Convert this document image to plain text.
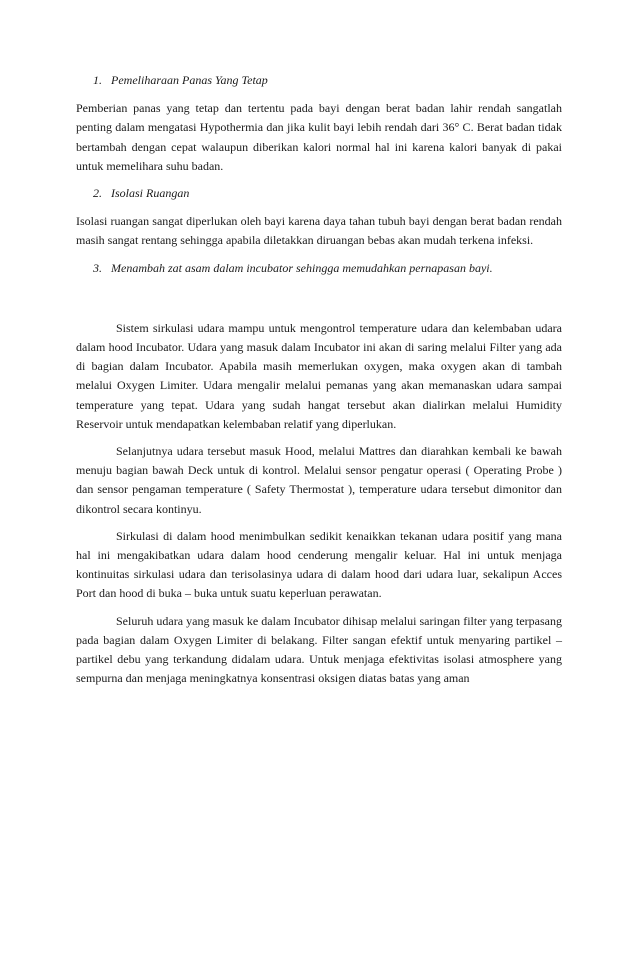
1. Pemeliharaan Panas Yang Tetap

Pemberian panas yang tetap dan tertentu pada bayi dengan berat badan lahir rendah sangatlah penting dalam mengatasi Hypothermia dan jika kulit bayi lebih rendah dari 36° C. Berat badan tidak bertambah dengan cepat walaupun diberikan kalori normal hal ini karena kalori banyak di pakai untuk memelihara suhu badan.

2. Isolasi Ruangan

Isolasi ruangan sangat diperlukan oleh bayi karena daya tahan tubuh bayi dengan berat badan rendah masih sangat rentang sehingga apabila diletakkan diruangan bebas akan mudah terkena infeksi.

3. Menambah zat asam dalam incubator sehingga memudahkan pernapasan bayi.

Sistem sirkulasi udara mampu untuk mengontrol temperature udara dan kelembaban udara dalam hood Incubator. Udara yang masuk dalam Incubator ini akan di saring melalui Filter yang ada di bagian dalam Incubator. Apabila masih memerlukan oxygen, maka oxygen akan di tambah melalui Oxygen Limiter. Udara mengalir melalui pemanas yang akan memanaskan udara sampai temperature yang tepat. Udara yang sudah hangat tersebut akan dialirkan melalui Humidity Reservoir untuk mendapatkan kelembaban relatif yang diperlukan.

Selanjutnya udara tersebut masuk Hood, melalui Mattres dan diarahkan kembali ke bawah menuju bagian bawah Deck untuk di kontrol. Melalui sensor pengatur operasi ( Operating Probe ) dan sensor pengaman temperature ( Safety Thermostat ), temperature udara tersebut dimonitor dan dikontrol secara kontinyu.

Sirkulasi di dalam hood menimbulkan sedikit kenaikkan tekanan udara positif yang mana hal ini mengakibatkan udara dalam hood cenderung mengalir keluar. Hal ini untuk menjaga kontinuitas sirkulasi udara dan terisolasinya udara di dalam hood dari udara luar, sekalipun Acces Port dan hood di buka – buka untuk suatu keperluan perawatan.

Seluruh udara yang masuk ke dalam Incubator dihisap melalui saringan filter yang terpasang pada bagian dalam Oxygen Limiter di belakang. Filter sangan efektif untuk menyaring partikel – partikel debu yang terkandung didalam udara. Untuk menjaga efektivitas isolasi atmosphere yang sempurna dan menjaga meningkatnya konsentrasi oksigen diatas batas yang aman
